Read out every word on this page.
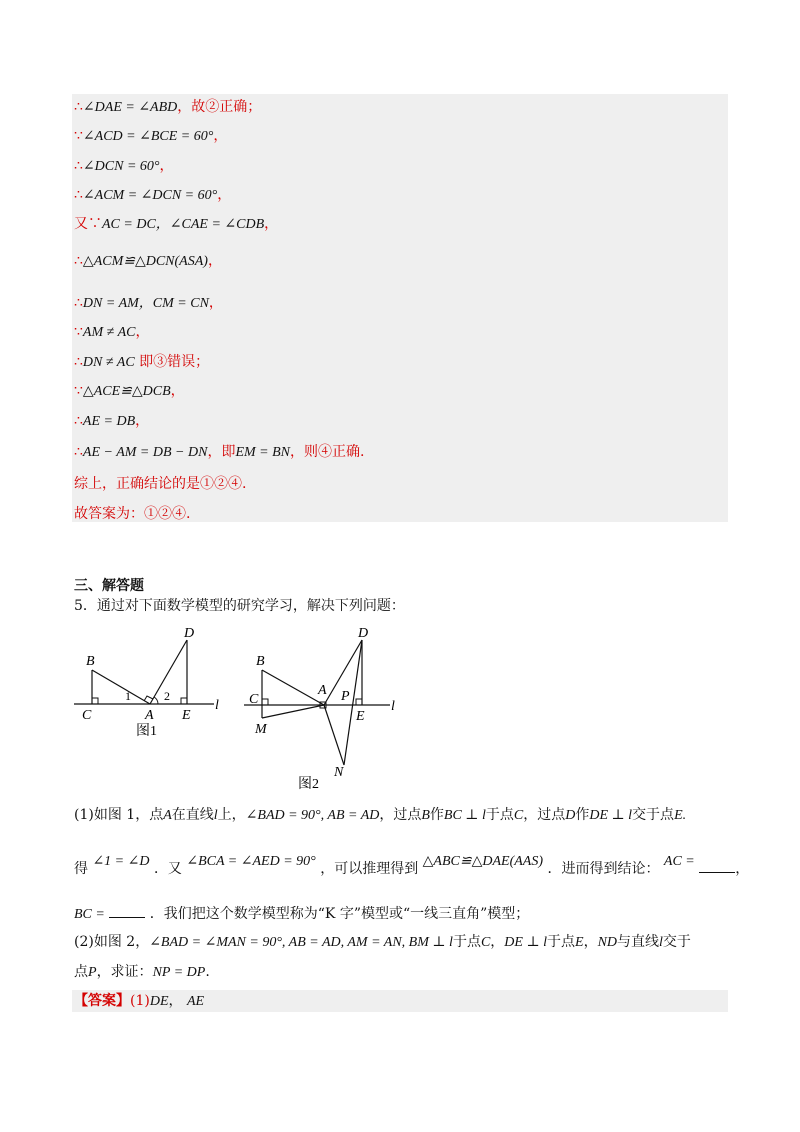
∴∠DAE = ∠ABD，故②正确；
∵∠ACD = ∠BCE = 60°，
∴∠DCN = 60°，
∴∠ACM = ∠DCN = 60°，
又∵AC = DC，∠CAE = ∠CDB，
∴△ACM≌△DCN(ASA)，
∴DN = AM，CM = CN，
∵AM ≠ AC，
∴DN ≠ AC 即③错误；
∵△ACE≌△DCB，
∴AE = DB，
∴AE − AM = DB − DN，即EM = BN，则④正确.
综上，正确结论的是①②④.
故答案为：①②④.
三、解答题
5．通过对下面数学模型的研究学习，解决下列问题：
B
D
C	A E
l
1	2
图1
B
D
C
A P
E
M
N
l
图2
(1)如图 1，点A在直线l上，∠BAD = 90°, AB = AD，过点B作BC ⊥ l于点C，过点D作DE ⊥ l交于点E.
得 ∠1 = ∠D ．又 ∠BCA = ∠AED = 90° ，可以推理得到 △ABC≌△DAE(AAS) ．进而得到结论： AC =	，
BC =	．我们把这个数学模型称为“K 字”模型或“一线三直角”模型；
(2)如图 2，∠BAD = ∠MAN = 90°, AB = AD, AM = AN, BM ⊥ l于点C，DE ⊥ l于点E，ND与直线l交于
点P，求证：NP = DP.
【答案】(1)DE， AE
